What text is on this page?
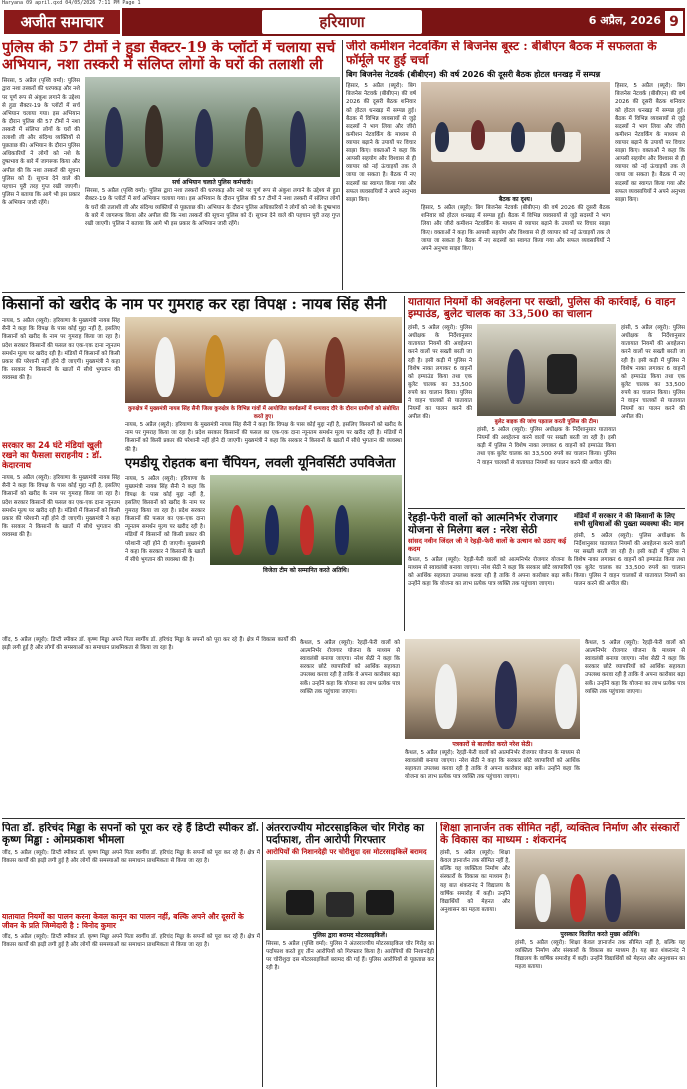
Haryana 09 april.qxd 04/05/2026 7:11 PM Page 1
अजीत समाचार	हरियाणा	6 अप्रैल, 2026 9
पुलिस की 57 टीमों ने हुडा सैक्टर-19 के प्लॉटों में चलाया सर्च अभियान, नशा तस्करी में संलिप्त लोगों के घरों की तलाशी ली
सिरसा, 5 अप्रैल (पृथ्वि वर्मा): पुलिस द्वारा नशा तस्करों की धरपकड़ और नशे पर पूर्ण रूप से अंकुश लगाने के उद्देश्य से हुडा सैक्टर-19 के प्लॉटों में सर्च अभियान चलाया गया। इस अभियान के दौरान पुलिस की 57 टीमों ने नशा तस्करी में संलिप्त लोगों के घरों की तलाशी ली और संदिग्ध व्यक्तियों से पूछताछ की। अभियान के दौरान पुलिस अधिकारियों ने लोगों को नशे के दुष्प्रभाव के बारे में जागरूक किया और अपील की कि नशा तस्करों की सूचना पुलिस को दें। सूचना देने वाले की पहचान पूरी तरह गुप्त रखी जाएगी। पुलिस ने बताया कि आगे भी इस प्रकार के अभियान जारी रहेंगे।
सर्च अभियान चलाते पुलिस कर्मचारी।
सिरसा, 5 अप्रैल (पृथ्वि वर्मा): पुलिस द्वारा नशा तस्करों की धरपकड़ और नशे पर पूर्ण रूप से अंकुश लगाने के उद्देश्य से हुडा सैक्टर-19 के प्लॉटों में सर्च अभियान चलाया गया। इस अभियान के दौरान पुलिस की 57 टीमों ने नशा तस्करी में संलिप्त लोगों के घरों की तलाशी ली और संदिग्ध व्यक्तियों से पूछताछ की। अभियान के दौरान पुलिस अधिकारियों ने लोगों को नशे के दुष्प्रभाव के बारे में जागरूक किया और अपील की कि नशा तस्करों की सूचना पुलिस को दें। सूचना देने वाले की पहचान पूरी तरह गुप्त रखी जाएगी। पुलिस ने बताया कि आगे भी इस प्रकार के अभियान जारी रहेंगे।
जीरो कमीशन नेटवर्किंग से बिजनेस बूस्ट : बीबीएन बैठक में सफलता के फॉर्मूले पर हुई चर्चा
बिग बिजनेस नेटवर्क (बीबीएन) की वर्ष 2026 की दूसरी बैठक होटल धनखड़ में सम्पन्न
हिसार, 5 अप्रैल (ब्यूरो): बिग बिजनेस नेटवर्क (बीबीएन) की वर्ष 2026 की दूसरी बैठक शनिवार को होटल धनखड़ में सम्पन्न हुई। बैठक में विभिन्न व्यवसायों से जुड़े सदस्यों ने भाग लिया और जीरो कमीशन नेटवर्किंग के माध्यम से व्यापार बढ़ाने के उपायों पर विचार साझा किए। वक्ताओं ने कहा कि आपसी सहयोग और विश्वास से ही व्यापार को नई ऊंचाइयों तक ले जाया जा सकता है। बैठक में नए सदस्यों का स्वागत किया गया और सफल व्यवसायियों ने अपने अनुभव साझा किए।	बैठक का दृश्य।
हिसार, 5 अप्रैल (ब्यूरो): बिग बिजनेस नेटवर्क (बीबीएन) की वर्ष 2026 की दूसरी बैठक शनिवार को होटल धनखड़ में सम्पन्न हुई। बैठक में विभिन्न व्यवसायों से जुड़े सदस्यों ने भाग लिया और जीरो कमीशन नेटवर्किंग के माध्यम से व्यापार बढ़ाने के उपायों पर विचार साझा किए। वक्ताओं ने कहा कि आपसी सहयोग और विश्वास से ही व्यापार को नई ऊंचाइयों तक ले जाया जा सकता है। बैठक में नए सदस्यों का स्वागत किया गया और सफल व्यवसायियों ने अपने अनुभव साझा किए।
हिसार, 5 अप्रैल (ब्यूरो): बिग बिजनेस नेटवर्क (बीबीएन) की वर्ष 2026 की दूसरी बैठक शनिवार को होटल धनखड़ में सम्पन्न हुई। बैठक में विभिन्न व्यवसायों से जुड़े सदस्यों ने भाग लिया और जीरो कमीशन नेटवर्किंग के माध्यम से व्यापार बढ़ाने के उपायों पर विचार साझा किए। वक्ताओं ने कहा कि आपसी सहयोग और विश्वास से ही व्यापार को नई ऊंचाइयों तक ले जाया जा सकता है। बैठक में नए सदस्यों का स्वागत किया गया और सफल व्यवसायियों ने अपने अनुभव साझा किए।
किसानों को खरीद के नाम पर गुमराह कर रहा विपक्ष : नायब सिंह सैनी
नायब, 5 अप्रैल (ब्यूरो): हरियाणा के मुख्यमंत्री नायब सिंह सैनी ने कहा कि विपक्ष के पास कोई मुद्दा नहीं है, इसलिए किसानों को खरीद के नाम पर गुमराह किया जा रहा है। प्रदेश सरकार किसानों की फसल का एक-एक दाना न्यूनतम समर्थन मूल्य पर खरीद रही है। मंडियों में किसानों को किसी प्रकार की परेशानी नहीं होने दी जाएगी। मुख्यमंत्री ने कहा कि सरकार ने किसानों के खातों में सीधे भुगतान की व्यवस्था की है।
सरकार का 24 घंटे मंडियां खुली रखने का फैसला सराहनीय : डॉ. केदारनाथ
नायब, 5 अप्रैल (ब्यूरो): हरियाणा के मुख्यमंत्री नायब सिंह सैनी ने कहा कि विपक्ष के पास कोई मुद्दा नहीं है, इसलिए किसानों को खरीद के नाम पर गुमराह किया जा रहा है। प्रदेश सरकार किसानों की फसल का एक-एक दाना न्यूनतम समर्थन मूल्य पर खरीद रही है। मंडियों में किसानों को किसी प्रकार की परेशानी नहीं होने दी जाएगी। मुख्यमंत्री ने कहा कि सरकार ने किसानों के खातों में सीधे भुगतान की व्यवस्था की है।
कुरुक्षेत्र में मुख्यमंत्री नायब सिंह सैनी जिला कुरुक्षेत्र के विभिन्न गांवों में आयोजित कार्यक्रमों में धन्यवाद दौरे के दौरान ग्रामीणों को संबोधित करते हुए।
नायब, 5 अप्रैल (ब्यूरो): हरियाणा के मुख्यमंत्री नायब सिंह सैनी ने कहा कि विपक्ष के पास कोई मुद्दा नहीं है, इसलिए किसानों को खरीद के नाम पर गुमराह किया जा रहा है। प्रदेश सरकार किसानों की फसल का एक-एक दाना न्यूनतम समर्थन मूल्य पर खरीद रही है। मंडियों में किसानों को किसी प्रकार की परेशानी नहीं होने दी जाएगी। मुख्यमंत्री ने कहा कि सरकार ने किसानों के खातों में सीधे भुगतान की व्यवस्था की है।
एमडीयू रोहतक बना चैंपियन, लवली यूनिवर्सिटी उपविजेता
नायब, 5 अप्रैल (ब्यूरो): हरियाणा के मुख्यमंत्री नायब सिंह सैनी ने कहा कि विपक्ष के पास कोई मुद्दा नहीं है, इसलिए किसानों को खरीद के नाम पर गुमराह किया जा रहा है। प्रदेश सरकार किसानों की फसल का एक-एक दाना न्यूनतम समर्थन मूल्य पर खरीद रही है। मंडियों में किसानों को किसी प्रकार की परेशानी नहीं होने दी जाएगी। मुख्यमंत्री ने कहा कि सरकार ने किसानों के खातों में सीधे भुगतान की व्यवस्था की है।
विजेता टीम को सम्मानित करते अतिथि।
यातायात नियमों की अवहेलना पर सख्ती, पुलिस की कार्रवाई, 6 वाहन इम्पाउंड, बुलेट चालक का 33,500 का चालान
हांसी, 5 अप्रैल (ब्यूरो): पुलिस अधीक्षक के निर्देशानुसार यातायात नियमों की अवहेलना करने वालों पर सख्ती बरती जा रही है। इसी कड़ी में पुलिस ने विशेष नाका लगाकर 6 वाहनों को इम्पाउंड किया तथा एक बुलेट चालक का 33,500 रुपये का चालान किया। पुलिस ने वाहन चालकों से यातायात नियमों का पालन करने की अपील की।
बुलेट बाइक की जांच पड़ताल करती पुलिस की टीम।
हांसी, 5 अप्रैल (ब्यूरो): पुलिस अधीक्षक के निर्देशानुसार यातायात नियमों की अवहेलना करने वालों पर सख्ती बरती जा रही है। इसी कड़ी में पुलिस ने विशेष नाका लगाकर 6 वाहनों को इम्पाउंड किया तथा एक बुलेट चालक का 33,500 रुपये का चालान किया। पुलिस ने वाहन चालकों से यातायात नियमों का पालन करने की अपील की।
हांसी, 5 अप्रैल (ब्यूरो): पुलिस अधीक्षक के निर्देशानुसार यातायात नियमों की अवहेलना करने वालों पर सख्ती बरती जा रही है। इसी कड़ी में पुलिस ने विशेष नाका लगाकर 6 वाहनों को इम्पाउंड किया तथा एक बुलेट चालक का 33,500 रुपये का चालान किया। पुलिस ने वाहन चालकों से यातायात नियमों का पालन करने की अपील की।
मंडियों में सरकार ने की किसानों के लिए सभी सुविधाओं की पुख्ता व्यवस्था की: मान
हांसी, 5 अप्रैल (ब्यूरो): पुलिस अधीक्षक के निर्देशानुसार यातायात नियमों की अवहेलना करने वालों पर सख्ती बरती जा रही है। इसी कड़ी में पुलिस ने विशेष नाका लगाकर 6 वाहनों को इम्पाउंड किया तथा एक बुलेट चालक का 33,500 रुपये का चालान किया। पुलिस ने वाहन चालकों से यातायात नियमों का पालन करने की अपील की।
रेहड़ी-फेरी वालों को आत्मनिर्भर रोजगार योजना से मिलेगा बल : नरेश सेठी
सांसद नवीन जिंदल जी ने रेहड़ी-फेरी वालों के उत्थान को उठाए कई कदम
कैथल, 5 अप्रैल (ब्यूरो): रेहड़ी-फेरी वालों को आत्मनिर्भर रोजगार योजना के माध्यम से स्वावलंबी बनाया जाएगा। नरेश सेठी ने कहा कि सरकार छोटे व्यापारियों को आर्थिक सहायता उपलब्ध करवा रही है ताकि वे अपना कारोबार बढ़ा सकें। उन्होंने कहा कि योजना का लाभ प्रत्येक पात्र व्यक्ति तक पहुंचाया जाएगा।
कैथल, 5 अप्रैल (ब्यूरो): रेहड़ी-फेरी वालों को आत्मनिर्भर रोजगार योजना के माध्यम से स्वावलंबी बनाया जाएगा। नरेश सेठी ने कहा कि सरकार छोटे व्यापारियों को आर्थिक सहायता उपलब्ध करवा रही है ताकि वे अपना कारोबार बढ़ा सकें। उन्होंने कहा कि योजना का लाभ प्रत्येक पात्र व्यक्ति तक पहुंचाया जाएगा।
पत्रकारों से बातचीत करते नरेश सेठी।
कैथल, 5 अप्रैल (ब्यूरो): रेहड़ी-फेरी वालों को आत्मनिर्भर रोजगार योजना के माध्यम से स्वावलंबी बनाया जाएगा। नरेश सेठी ने कहा कि सरकार छोटे व्यापारियों को आर्थिक सहायता उपलब्ध करवा रही है ताकि वे अपना कारोबार बढ़ा सकें। उन्होंने कहा कि योजना का लाभ प्रत्येक पात्र व्यक्ति तक पहुंचाया जाएगा।
कैथल, 5 अप्रैल (ब्यूरो): रेहड़ी-फेरी वालों को आत्मनिर्भर रोजगार योजना के माध्यम से स्वावलंबी बनाया जाएगा। नरेश सेठी ने कहा कि सरकार छोटे व्यापारियों को आर्थिक सहायता उपलब्ध करवा रही है ताकि वे अपना कारोबार बढ़ा सकें। उन्होंने कहा कि योजना का लाभ प्रत्येक पात्र व्यक्ति तक पहुंचाया जाएगा।
जींद, 5 अप्रैल (ब्यूरो): डिप्टी स्पीकर डॉ. कृष्ण मिड्ढा अपने पिता स्वर्गीय डॉ. हरिचंद मिड्ढा के सपनों को पूरा कर रहे हैं। क्षेत्र में विकास कार्यों की झड़ी लगी हुई है और लोगों की समस्याओं का समाधान प्राथमिकता से किया जा रहा है।
पिता डॉ. हरिचंद मिड्ढा के सपनों को पूरा कर रहे हैं डिप्टी स्पीकर डॉ. कृष्ण मिड्ढा : ओमप्रकाश भीमला
जींद, 5 अप्रैल (ब्यूरो): डिप्टी स्पीकर डॉ. कृष्ण मिड्ढा अपने पिता स्वर्गीय डॉ. हरिचंद मिड्ढा के सपनों को पूरा कर रहे हैं। क्षेत्र में विकास कार्यों की झड़ी लगी हुई है और लोगों की समस्याओं का समाधान प्राथमिकता से किया जा रहा है।
यातायात नियमों का पालन करना केवल कानून का पालन नहीं, बल्कि अपने और दूसरों के जीवन के प्रति जिम्मेदारी है : विनोद कुमार
जींद, 5 अप्रैल (ब्यूरो): डिप्टी स्पीकर डॉ. कृष्ण मिड्ढा अपने पिता स्वर्गीय डॉ. हरिचंद मिड्ढा के सपनों को पूरा कर रहे हैं। क्षेत्र में विकास कार्यों की झड़ी लगी हुई है और लोगों की समस्याओं का समाधान प्राथमिकता से किया जा रहा है।
अंतरराज्यीय मोटरसाइकिल चोर गिरोह का पर्दाफाश, तीन आरोपी गिरफ्तार
आरोपियों की निशानदेही पर चोरीशुदा दस मोटरसाइकिलें बरामद
पुलिस द्वारा बरामद मोटरसाइकिलें।
सिरसा, 5 अप्रैल (पृथ्वि वर्मा): पुलिस ने अंतरराज्यीय मोटरसाइकिल चोर गिरोह का पर्दाफाश करते हुए तीन आरोपियों को गिरफ्तार किया है। आरोपियों की निशानदेही पर चोरीशुदा दस मोटरसाइकिलें बरामद की गई हैं। पुलिस आरोपियों से पूछताछ कर रही है।
शिक्षा ज्ञानार्जन तक सीमित नहीं, व्यक्तित्व निर्माण और संस्कारों के विकास का माध्यम : शंकरानंद
हांसी, 5 अप्रैल (ब्यूरो): शिक्षा केवल ज्ञानार्जन तक सीमित नहीं है, बल्कि यह व्यक्तित्व निर्माण और संस्कारों के विकास का माध्यम है। यह बात शंकरानंद ने विद्यालय के वार्षिक समारोह में कही। उन्होंने विद्यार्थियों को मेहनत और अनुशासन का महत्व बताया।
पुरस्कार वितरित करते मुख्य अतिथि।
हांसी, 5 अप्रैल (ब्यूरो): शिक्षा केवल ज्ञानार्जन तक सीमित नहीं है, बल्कि यह व्यक्तित्व निर्माण और संस्कारों के विकास का माध्यम है। यह बात शंकरानंद ने विद्यालय के वार्षिक समारोह में कही। उन्होंने विद्यार्थियों को मेहनत और अनुशासन का महत्व बताया।
